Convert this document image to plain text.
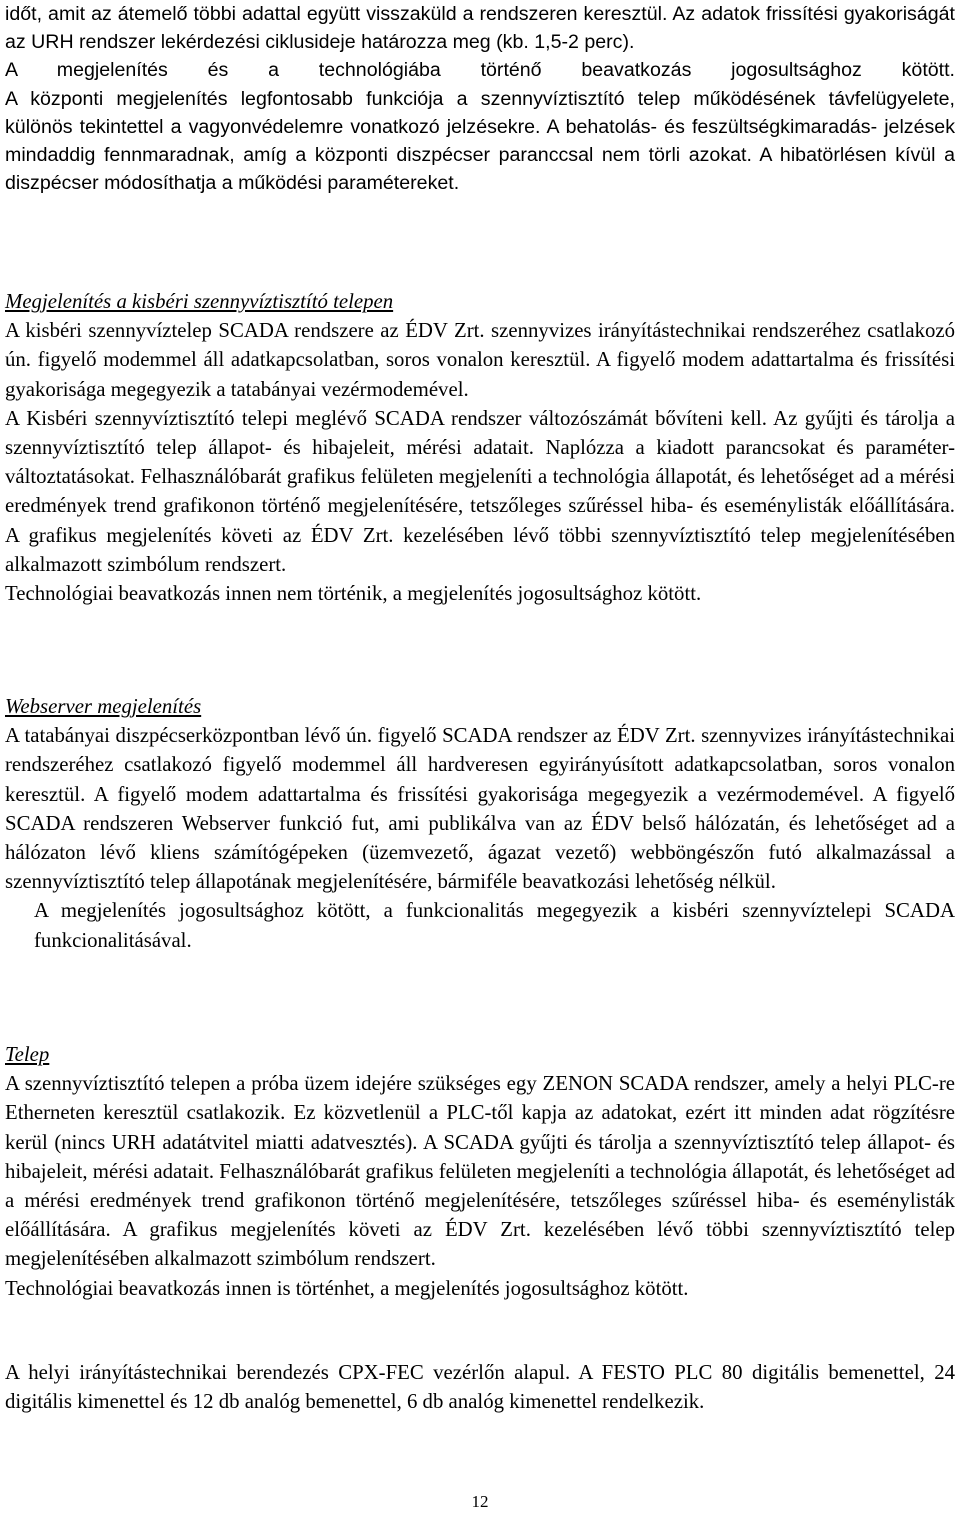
időt, amit az átemelő többi adattal együtt visszaküld a rendszeren keresztül. Az adatok frissítési gyakoriságát az URH rendszer lekérdezési ciklusideje határozza meg (kb. 1,5-2 perc).

A megjelenítés és a technológiába történő beavatkozás jogosultsághoz kötött.

A központi megjelenítés legfontosabb funkciója a szennyvíztisztító telep működésének távfelügyelete, különös tekintettel a vagyonvédelemre vonatkozó jelzésekre. A behatolás- és feszültségkimaradás- jelzések mindaddig fennmaradnak, amíg a központi diszpécser paranccsal nem törli azokat. A hibatörlésen kívül a diszpécser módosíthatja a működési paramétereket.

Megjelenítés a kisbéri szennyvíztisztító telepen

A kisbéri szennyvíztelep SCADA rendszere az ÉDV Zrt. szennyvizes irányítástechnikai rendszeréhez csatlakozó ún. figyelő modemmel áll adatkapcsolatban, soros vonalon keresztül. A figyelő modem adattartalma és frissítési gyakorisága megegyezik a tatabányai vezérmodemével.

A Kisbéri szennyvíztisztító telepi meglévő SCADA rendszer változószámát bővíteni kell. Az gyűjti és tárolja a szennyvíztisztító telep állapot- és hibajeleit, mérési adatait. Naplózza a kiadott parancsokat és paraméter-változtatásokat. Felhasználóbarát grafikus felületen megjeleníti a technológia állapotát, és lehetőséget ad a mérési eredmények trend grafikonon történő megjelenítésére, tetszőleges szűréssel hiba- és eseménylisták előállítására. A grafikus megjelenítés követi az ÉDV Zrt. kezelésében lévő többi szennyvíztisztító telep megjelenítésében alkalmazott szimbólum rendszert.

Technológiai beavatkozás innen nem történik, a megjelenítés jogosultsághoz kötött.

Webserver megjelenítés

A tatabányai diszpécserközpontban lévő ún. figyelő SCADA rendszer az ÉDV Zrt. szennyvizes irányítástechnikai rendszeréhez csatlakozó figyelő modemmel áll hardveresen egyirányúsított adatkapcsolatban, soros vonalon keresztül. A figyelő modem adattartalma és frissítési gyakorisága megegyezik a vezérmodemével. A figyelő SCADA rendszeren Webserver funkció fut, ami publikálva van az ÉDV belső hálózatán, és lehetőséget ad a hálózaton lévő kliens számítógépeken (üzemvezető, ágazat vezető) webböngészőn futó alkalmazással a szennyvíztisztító telep állapotának megjelenítésére, bármiféle beavatkozási lehetőség nélkül.

A megjelenítés jogosultsághoz kötött, a funkcionalitás megegyezik a kisbéri szennyvíztelepi SCADA funkcionalitásával.

Telep

A szennyvíztisztító telepen a próba üzem idejére szükséges egy ZENON SCADA rendszer, amely a helyi PLC-re Etherneten keresztül csatlakozik. Ez közvetlenül a PLC-től kapja az adatokat, ezért itt minden adat rögzítésre kerül (nincs URH adatátvitel miatti adatvesztés). A SCADA gyűjti és tárolja a szennyvíztisztító telep állapot- és hibajeleit, mérési adatait. Felhasználóbarát grafikus felületen megjeleníti a technológia állapotát, és lehetőséget ad a mérési eredmények trend grafikonon történő megjelenítésére, tetszőleges szűréssel hiba- és eseménylisták előállítására. A grafikus megjelenítés követi az ÉDV Zrt. kezelésében lévő többi szennyvíztisztító telep megjelenítésében alkalmazott szimbólum rendszert.

Technológiai beavatkozás innen is történhet, a megjelenítés jogosultsághoz kötött.

A helyi irányítástechnikai berendezés CPX-FEC vezérlőn alapul. A FESTO PLC 80 digitális bemenettel, 24 digitális kimenettel és 12 db analóg bemenettel, 6 db analóg kimenettel rendelkezik.

12
